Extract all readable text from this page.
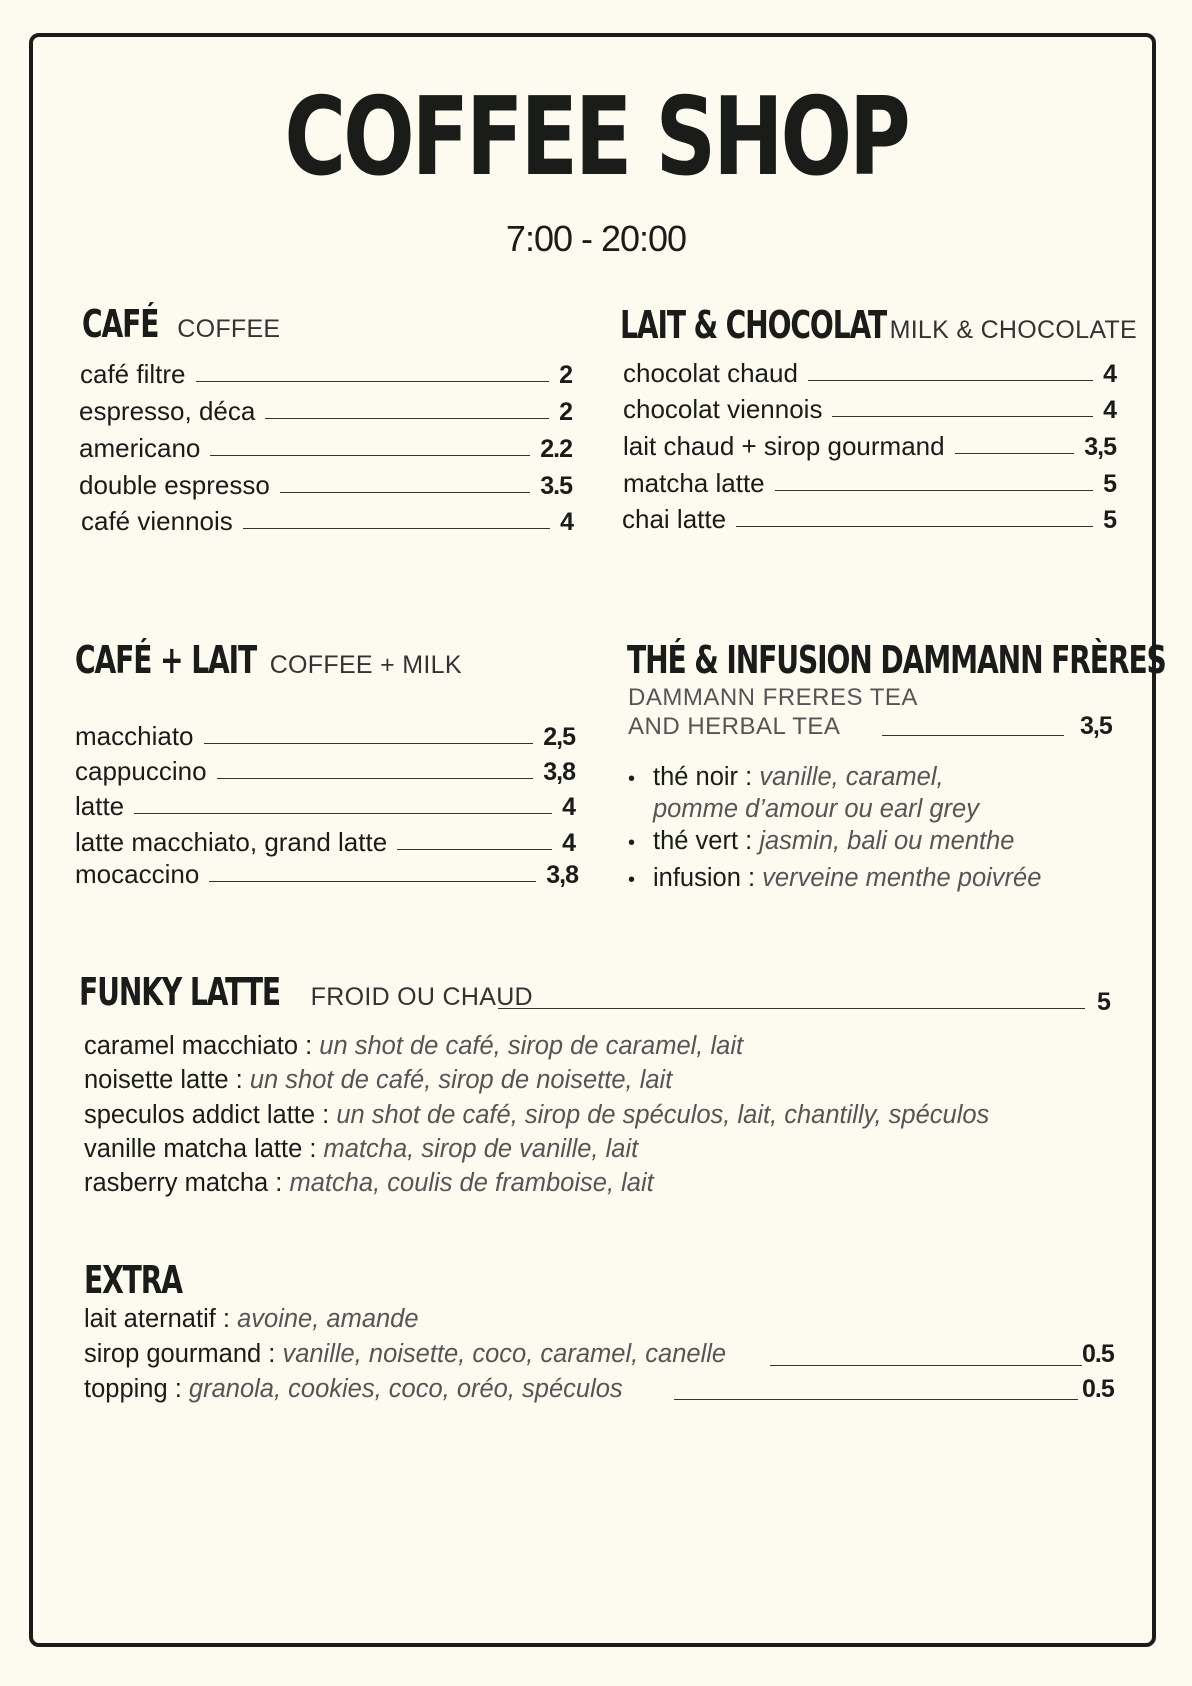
COFFEE SHOP
7:00 - 20:00
CAFÉ COFFEE
café filtre	2
espresso, déca	2
americano	2.2
double espresso	3.5
café viennois	4
LAIT & CHOCOLAT MILK & CHOCOLATE
chocolat chaud	4
chocolat viennois	4
lait chaud + sirop gourmand	3,5
matcha latte	5
chai latte	5
CAFÉ + LAIT COFFEE + MILK
macchiato	2,5
cappuccino	3,8
latte	4
latte macchiato, grand latte	4
mocaccino	3,8
THÉ & INFUSION DAMMANN FRÈRES
DAMMANN FRERES TEA
AND HERBAL TEA	3,5
• thé noir : vanille, caramel,
pomme d’amour ou earl grey
• thé vert : jasmin, bali ou menthe
• infusion : verveine menthe poivrée
FUNKY LATTE FROID OU CHAUD	5
caramel macchiato : un shot de café, sirop de caramel, lait
noisette latte : un shot de café, sirop de noisette, lait
speculos addict latte : un shot de café, sirop de spéculos, lait, chantilly, spéculos
vanille matcha latte : matcha, sirop de vanille, lait
rasberry matcha : matcha, coulis de framboise, lait
EXTRA
lait aternatif : avoine, amande
sirop gourmand : vanille, noisette, coco, caramel, canelle	0.5
topping : granola, cookies, coco, oréo, spéculos	0.5
